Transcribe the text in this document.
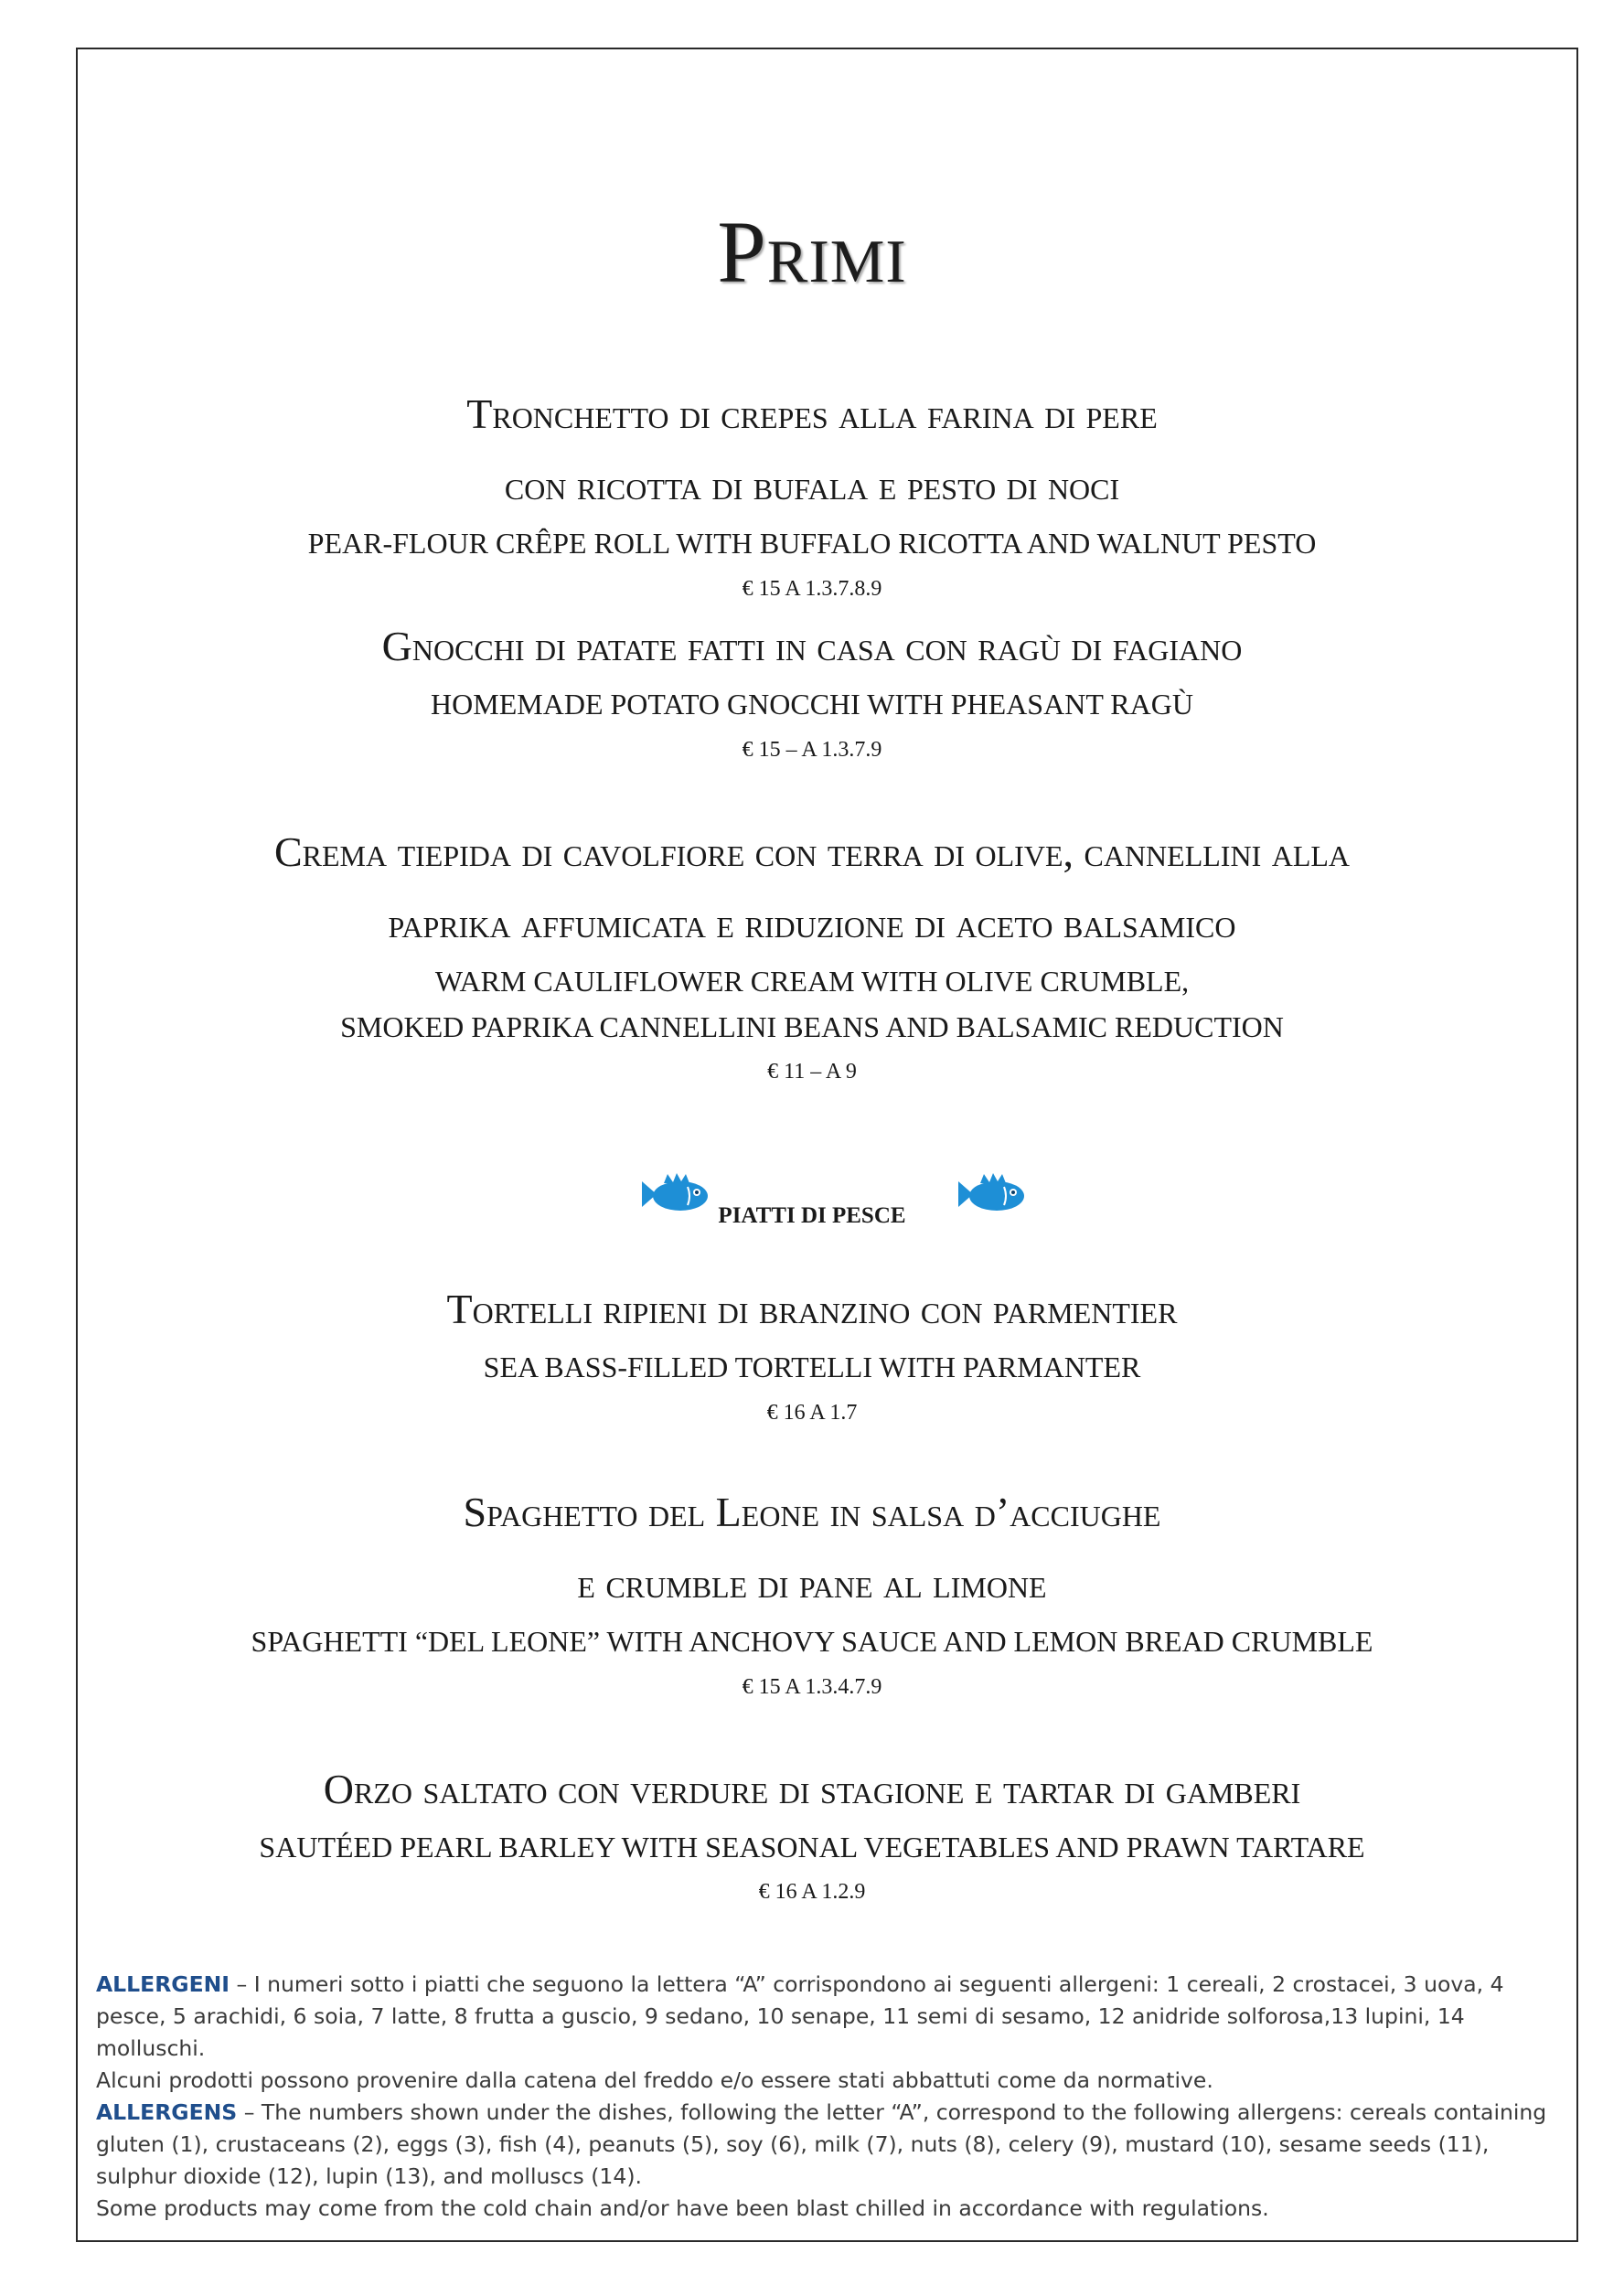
Primi
Tronchetto di crepes alla farina di pere
con ricotta di bufala e pesto di noci
PEAR-FLOUR CRÊPE ROLL WITH BUFFALO RICOTTA AND WALNUT PESTO
€ 15 A 1.3.7.8.9
Gnocchi di patate fatti in casa con ragù di fagiano
HOMEMADE POTATO GNOCCHI WITH PHEASANT RAGÙ
€ 15 – A 1.3.7.9
Crema tiepida di cavolfiore con terra di olive, cannellini alla
paprika affumicata e riduzione di aceto balsamico
WARM CAULIFLOWER CREAM WITH OLIVE CRUMBLE,
SMOKED PAPRIKA CANNELLINI BEANS AND BALSAMIC REDUCTION
€ 11 – A 9
PIATTI DI PESCE
Tortelli ripieni di branzino con parmentier
SEA BASS-FILLED TORTELLI WITH PARMANTER
€ 16 A 1.7
Spaghetto del Leone in salsa d’acciughe
e crumble di pane al limone
SPAGHETTI “DEL LEONE” WITH ANCHOVY SAUCE AND LEMON BREAD CRUMBLE
€ 15 A 1.3.4.7.9
Orzo saltato con verdure di stagione e tartar di gamberi
SAUTÉED PEARL BARLEY WITH SEASONAL VEGETABLES AND PRAWN TARTARE
€ 16 A 1.2.9

ALLERGENI – I numeri sotto i piatti che seguono la lettera “A” corrispondono ai seguenti allergeni: 1 cereali, 2 crostacei, 3 uova, 4 pesce, 5 arachidi, 6 soia, 7 latte, 8 frutta a guscio, 9 sedano, 10 senape, 11 semi di sesamo, 12 anidride solforosa,13 lupini, 14 molluschi.

Alcuni prodotti possono provenire dalla catena del freddo e/o essere stati abbattuti come da normative.

ALLERGENS – The numbers shown under the dishes, following the letter “A”, correspond to the following allergens: cereals containing gluten (1), crustaceans (2), eggs (3), fish (4), peanuts (5), soy (6), milk (7), nuts (8), celery (9), mustard (10), sesame seeds (11), sulphur dioxide (12), lupin (13), and molluscs (14).

Some products may come from the cold chain and/or have been blast chilled in accordance with regulations.
